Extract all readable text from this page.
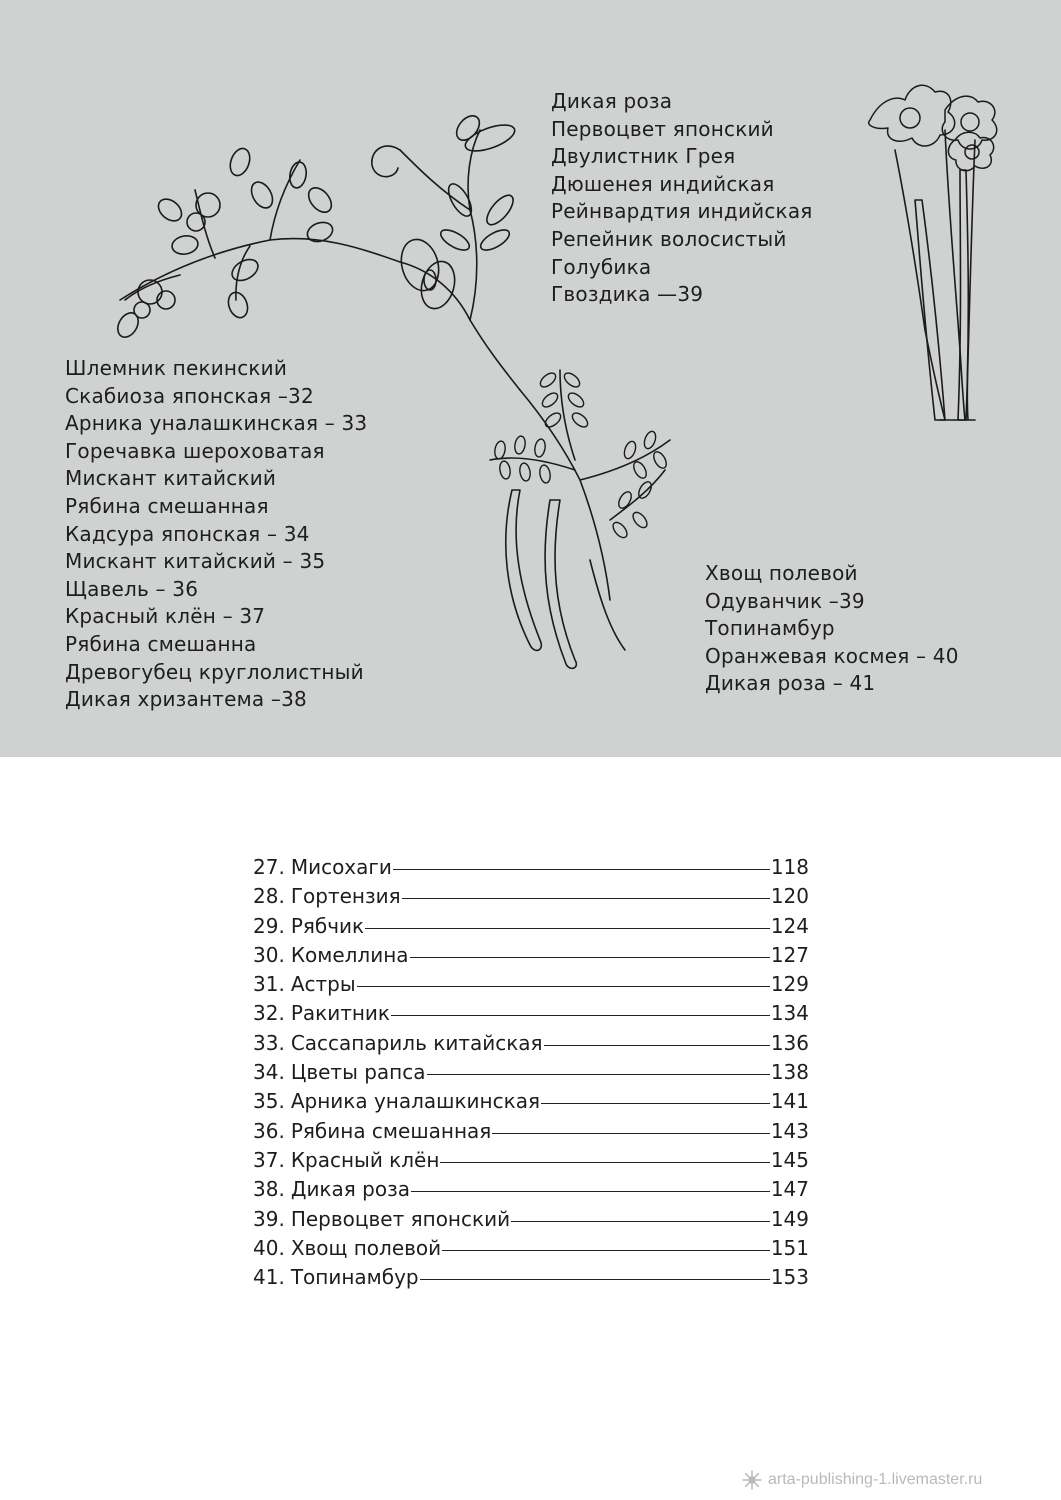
Дикая роза
Первоцвет японский
Двулистник Грея
Дюшенея индийская
Рейнвардтия индийская
Репейник волосистый
Голубика
Гвоздика —39
Шлемник пекинский
Скабиоза японская –32
Арника уналашкинская – 33
Горечавка шероховатая
Мискант китайский
Рябина смешанная
Кадсура японская – 34
Мискант китайский – 35
Щавель – 36
Красный клён – 37
Рябина смешанна
Древогубец круглолистный
Дикая хризантема –38
Хвощ полевой
Одуванчик –39
Топинамбур
Оранжевая космея – 40
Дикая роза – 41
27. Мисохаги	118
28. Гортензия	120
29. Рябчик	124
30. Комеллина	127
31. Астры	129
32. Ракитник	134
33. Сассапариль китайская	136
34. Цветы рапса	138
35. Арника уналашкинская	141
36. Рябина смешанная	143
37. Красный клён	145
38. Дикая роза	147
39. Первоцвет японский	149
40. Хвощ полевой	151
41. Топинамбур	153
arta-publishing-1.livemaster.ru
